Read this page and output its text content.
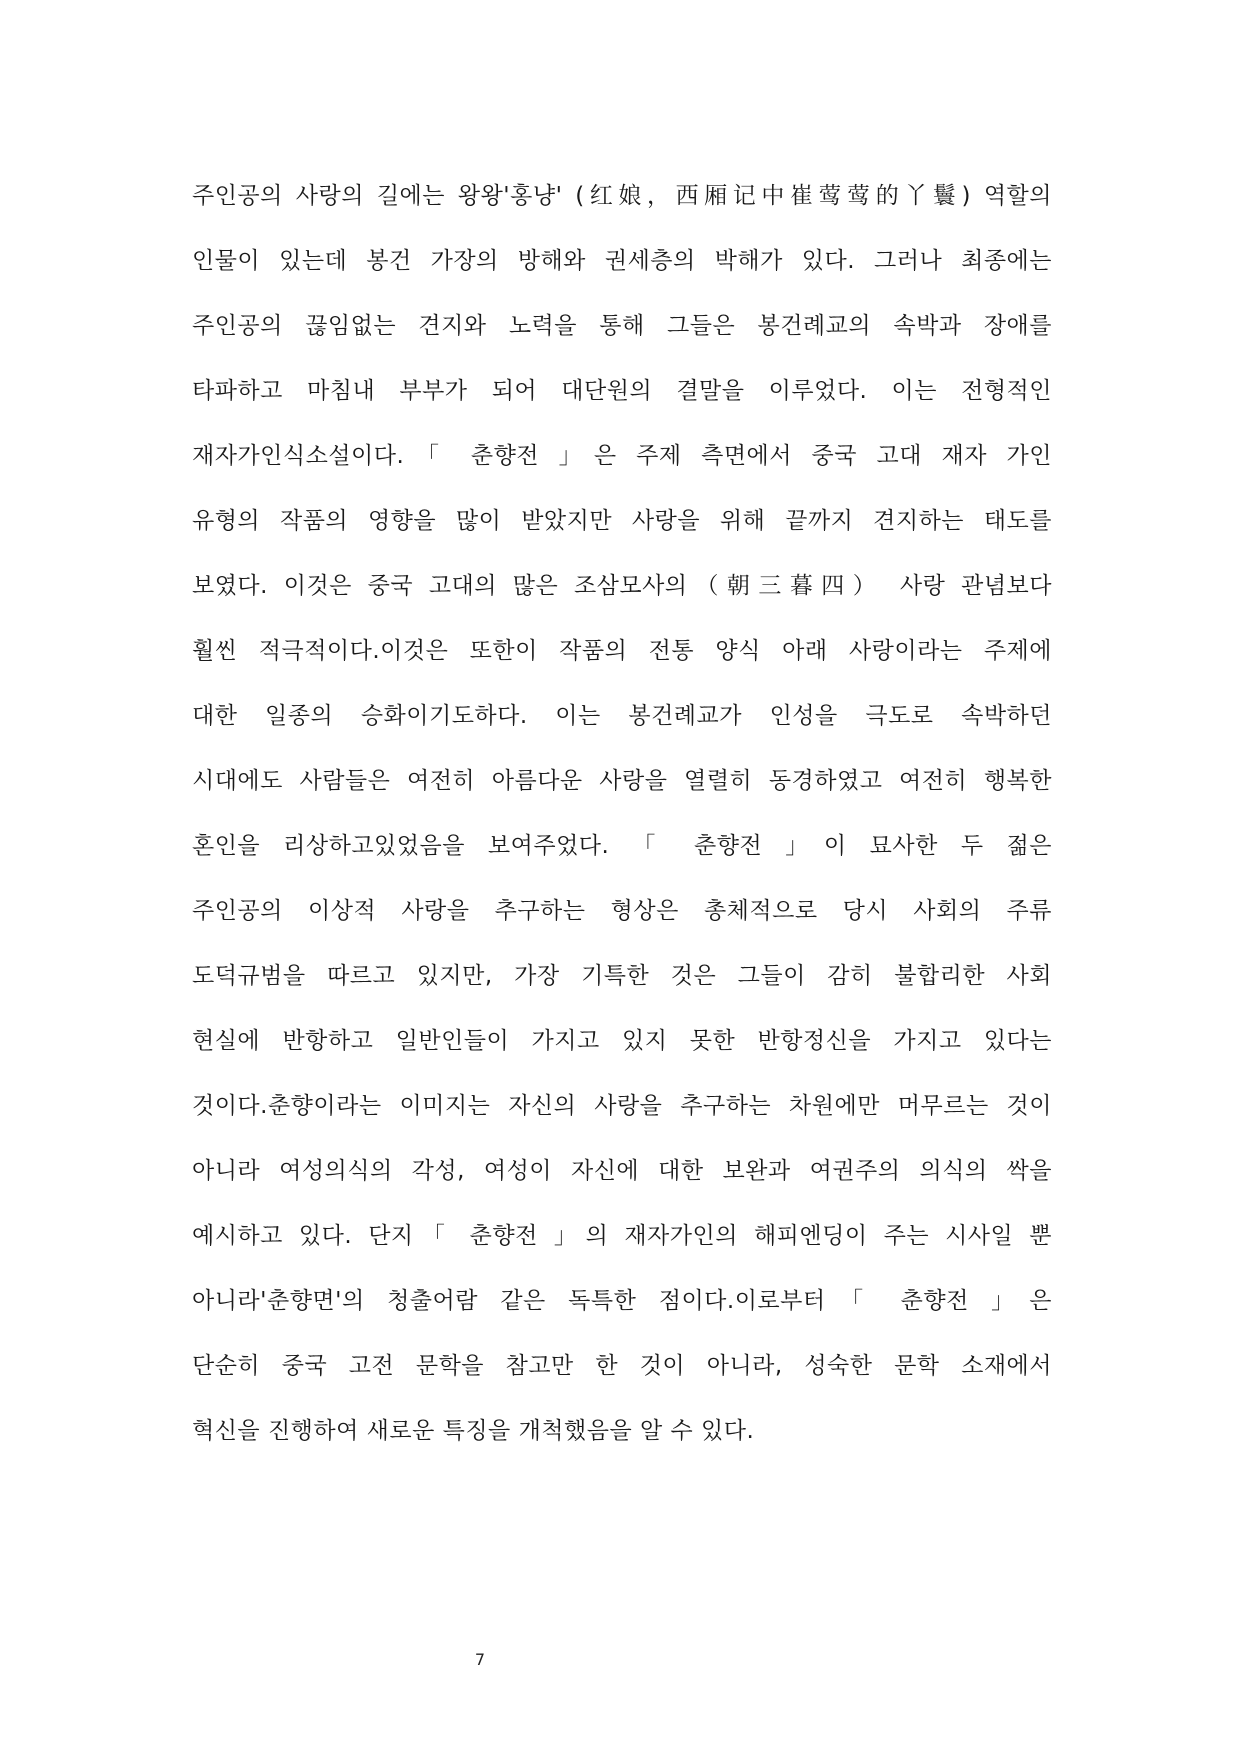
주인공의 사랑의 길에는 왕왕'홍냥' (红娘，西厢记中崔莺莺的丫鬟) 역할의
인물이 있는데 봉건 가장의 방해와 권세층의 박해가 있다. 그러나 최종에는
주인공의 끊임없는 견지와 노력을 통해 그들은 봉건례교의 속박과 장애를
타파하고 마침내 부부가 되어 대단원의 결말을 이루었다. 이는 전형적인
재자가인식소설이다.「 춘향전 」은 주제 측면에서 중국 고대 재자 가인
유형의 작품의 영향을 많이 받았지만 사랑을 위해 끝까지 견지하는 태도를
보였다. 이것은 중국 고대의 많은 조삼모사의（朝三暮四） 사랑 관념보다
훨씬 적극적이다.이것은 또한이 작품의 전통 양식 아래 사랑이라는 주제에
대한 일종의 승화이기도하다. 이는 봉건례교가 인성을 극도로 속박하던
시대에도 사람들은 여전히 아름다운 사랑을 열렬히 동경하였고 여전히 행복한
혼인을 리상하고있었음을 보여주었다. 「 춘향전 」이 묘사한 두 젊은
주인공의 이상적 사랑을 추구하는 형상은 총체적으로 당시 사회의 주류
도덕규범을 따르고 있지만, 가장 기특한 것은 그들이 감히 불합리한 사회
현실에 반항하고 일반인들이 가지고 있지 못한 반항정신을 가지고 있다는
것이다.춘향이라는 이미지는 자신의 사랑을 추구하는 차원에만 머무르는 것이
아니라 여성의식의 각성, 여성이 자신에 대한 보완과 여권주의 의식의 싹을
예시하고 있다. 단지「 춘향전 」의 재자가인의 해피엔딩이 주는 시사일 뿐
아니라'춘향면'의 청출어람 같은 독특한 점이다.이로부터「 춘향전 」은
단순히 중국 고전 문학을 참고만 한 것이 아니라, 성숙한 문학 소재에서
혁신을 진행하여 새로운 특징을 개척했음을 알 수 있다.
7
